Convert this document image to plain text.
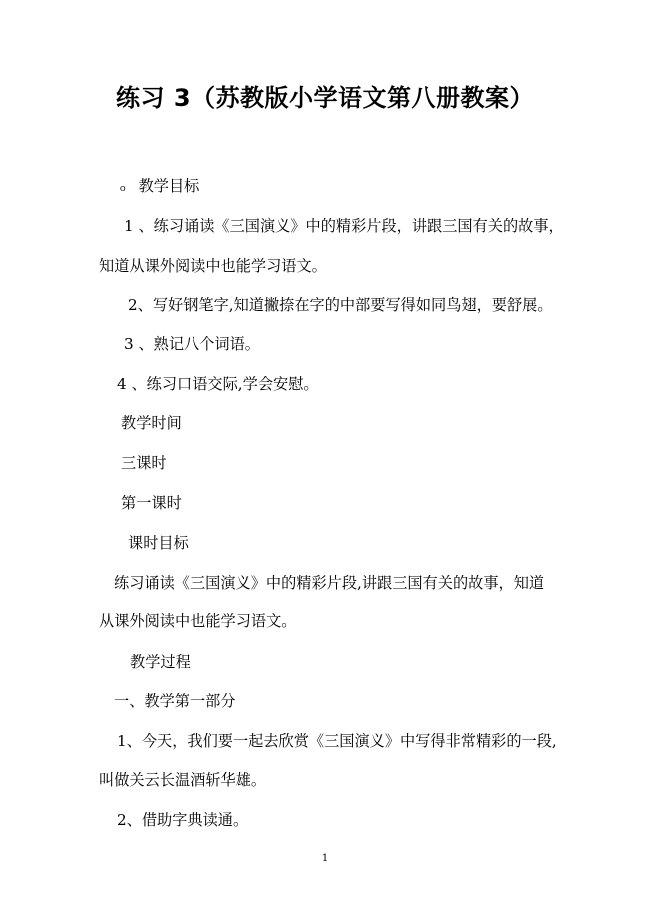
练习 3（苏教版小学语文第八册教案）
ჿ 教学目标
1 、练习诵读《三国演义》中的精彩片段，讲跟三国有关的故事，
知道从课外阅读中也能学习语文。
2、写好钢笔字,知道撇捺在字的中部要写得如同鸟翅，要舒展。
3 、熟记八个词语。
4 、练习口语交际,学会安慰。
教学时间
三课时
第一课时
课时目标
练习诵读《三国演义》中的精彩片段,讲跟三国有关的故事，知道
从课外阅读中也能学习语文。
教学过程
一、教学第一部分
1、今天，我们要一起去欣赏《三国演义》中写得非常精彩的一段,
叫做关云长温酒斩华雄。
2、借助字典读通。
1
